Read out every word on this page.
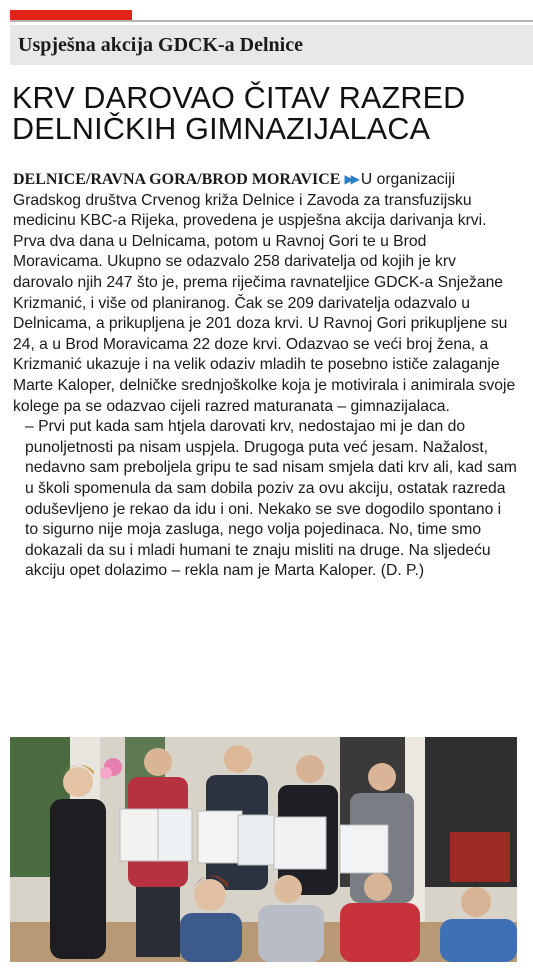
Uspješna akcija GDCK-a Delnice
KRV DAROVAO ČITAV RAZRED
DELNIČKIH GIMNAZIJALACA

DELNICE/RAVNA GORA/BROD MORAVICE ▶▶ U organizaciji Gradskog društva Crvenog križa Delnice i Zavoda za transfuzijsku medicinu KBC-a Rijeka, provedena je uspješna akcija darivanja krvi. Prva dva dana u Delnicama, potom u Ravnoj Gori te u Brod Moravicama. Ukupno se odazvalo 258 darivatelja od kojih je krv darovalo njih 247 što je, prema riječima ravnateljice GDCK-a Snježane Krizmanić, i više od planiranog. Čak se 209 darivatelja odazvalo u Delnicama, a prikupljena je 201 doza krvi. U Ravnoj Gori prikupljene su 24, a u Brod Moravicama 22 doze krvi. Odazvao se veći broj žena, a Krizmanić ukazuje i na velik odaziv mladih te posebno ističe zalaganje Marte Kaloper, delničke srednjoškolke koja je motivirala i animirala svoje kolege pa se odazvao cijeli razred maturanata – gimnazijalaca.

– Prvi put kada sam htjela darovati krv, nedostajao mi je dan do punoljetnosti pa nisam uspjela. Drugoga puta već jesam. Nažalost, nedavno sam preboljela gripu te sad nisam smjela dati krv ali, kad sam u školi spomenula da sam dobila poziv za ovu akciju, ostatak razreda oduševljeno je rekao da idu i oni. Nekako se sve dogodilo spontano i to sigurno nije moja zasluga, nego volja pojedinaca. No, time smo dokazali da su i mladi humani te znaju misliti na druge. Na sljedeću akciju opet dolazimo – rekla nam je Marta Kaloper. (D. P.)
